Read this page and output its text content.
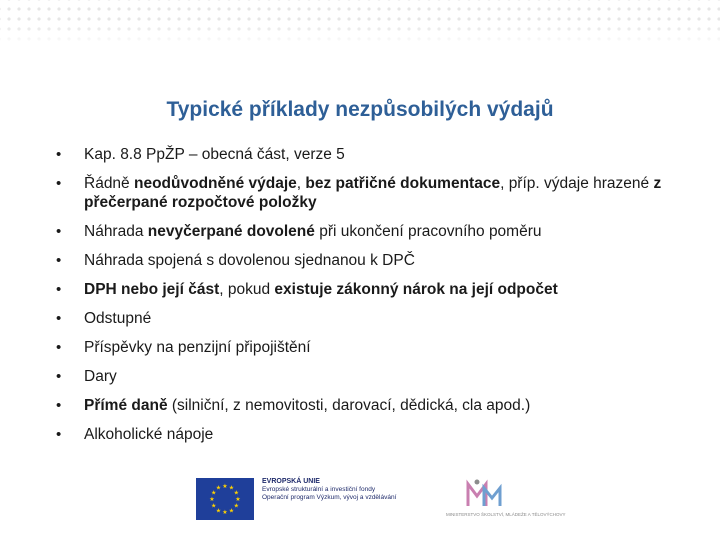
Typické příklady nezpůsobilých výdajů
• Kap. 8.8 PpŽP – obecná část, verze 5
• Řádně neodůvodněné výdaje, bez patřičné dokumentace, příp. výdaje hrazené z přečerpané rozpočtové položky
• Náhrada nevyčerpané dovolené při ukončení pracovního poměru
• Náhrada spojená s dovolenou sjednanou k DPČ
• DPH nebo její část, pokud existuje zákonný nárok na její odpočet
• Odstupné
• Příspěvky na penzijní připojištění
• Dary
• Přímé daně (silniční, z nemovitosti, darovací, dědická, cla apod.)
• Alkoholické nápoje
★ ★
★
★
★
★
★
★
★
★
★
★
EVROPSKÁ UNIE
Evropské strukturální a investiční fondy
Operační program Výzkum, vývoj a vzdělávání
MINISTERSTVO ŠKOLSTVÍ, MLÁDEŽE A TĚLOVÝCHOVY
